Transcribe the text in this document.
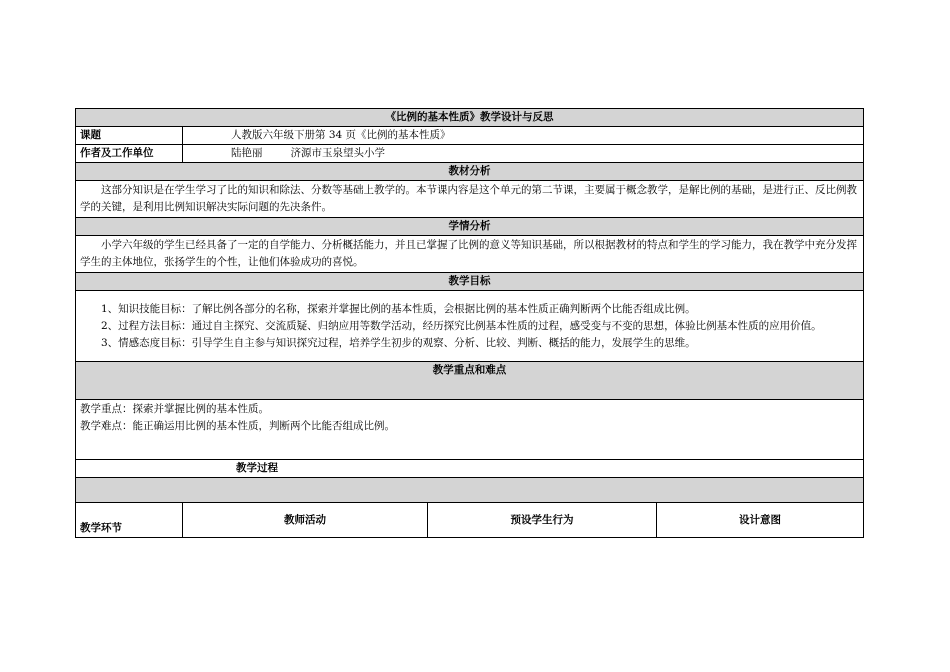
《比例的基本性质》教学设计与反思			
课题	人教版六年级下册第 34 页《比例的基本性质》		
作者及工作单位	陆艳丽 济源市玉泉望头小学		
教材分析			
这部分知识是在学生学习了比的知识和除法、分数等基础上教学的。本节课内容是这个单元的第二节课，主要属于概念教学，是解比例的基础，是进行正、反比例教学的关键，是利用比例知识解决实际问题的先决条件。			
学情分析			
小学六年级的学生已经具备了一定的自学能力、分析概括能力，并且已掌握了比例的意义等知识基础，所以根据教材的特点和学生的学习能力，我在教学中充分发挥学生的主体地位，张扬学生的个性，让他们体验成功的喜悦。			
教学目标			

1、知识技能目标：了解比例各部分的名称，探索并掌握比例的基本性质，会根据比例的基本性质正确判断两个比能否组成比例。
2、过程方法目标：通过自主探究、交流质疑、归纳应用等数学活动，经历探究比例基本性质的过程，感受变与不变的思想，体验比例基本性质的应用价值。
3、情感态度目标：引导学生自主参与知识探究过程，培养学生初步的观察、分析、比较、判断、概括的能力，发展学生的思维。			

教学重点和难点			

教学重点：探索并掌握比例的基本性质。
教学难点：能正确运用比例的基本性质，判断两个比能否组成比例。			

教学过程			

教学环节	教师活动	预设学生行为	设计意图
